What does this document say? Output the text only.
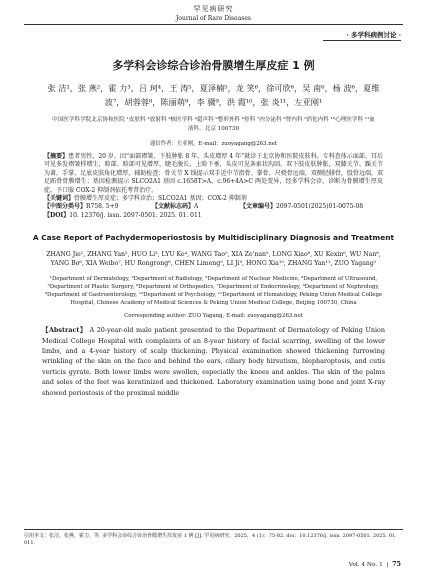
罕见病研究
Journal of Rare Diseases
· 多学科病例讨论 ·
多学科会诊综合诊治骨膜增生厚皮症 1 例
张 洁¹，张 燕²，霍 力³，吕 珂⁴，王 涛⁵，夏泽楠⁵，龙 笑⁶，徐可欣⁶，吴 南⁶，杨 波⁶，夏维波⁷，胡蓉蓉⁸，陈丽萌⁹，李 骥⁹，洪 霞¹⁰，张 炎¹¹，左亚刚¹
中国医学科学院北京协和医院 ¹皮肤科 ²放射科 ³核医学科 ⁴超声科 ⁵整形外科 ⁶骨科 ⁷内分泌科 ⁸肾内科 ⁹消化内科 ¹⁰心理医学科 ¹¹血液科，北京 100730
通信作者：左亚刚，E-mail：zuoyagang@263.net
【摘要】患者男性，20 岁，因“面部褶皱、下肢肿胀 8 年，头皮增厚 4 年”就诊于北京协和医院皮肤科。专科查体示面部、耳后可见多发褶皱样增生，睑部、睑部可见增厚，睫毛脱长，上睑下垂，头皮可见条索状沟回，双下肢皮肤肿胀，双膝关节、踝关节为著，手掌、足底皮肤角化增厚，辅助检查：骨关节 X 线提示双手近中节指骨、掌骨，尺桡骨远端，双侧胫腓骨，股骨远端，双足跖骨骨膜增生；基因检测提示 SLCO2A1 基因 c.1658T>A，c.96+4A>C 两处变异，经多学科会诊，诊断为骨膜增生厚皮症，予口服 COX-2 抑制剂依托考昔治疗。
【关键词】骨膜增生厚皮症；多学科诊治；SLCO2A1 基因；COX-2 抑制剂
【中图分类号】R758. 5+9	【文献标志码】A	【文章编号】2097-0501(2025)01-0075-08
【DOI】10. 12376/j. issn. 2097-0501. 2025. 01. 011
A Case Report of Pachydermoperiostosis by Multidisciplinary Diagnosis and Treatment
ZHANG Jie¹, ZHANG Yan², HUO Li³, LYU Ke⁴, WANG Tao⁵, XIA Ze'nan⁵, LONG Xiao⁶, XU Kexin⁶, WU Nan⁶, YANG Bo⁶, XIA Weibo⁷, HU Rongrong⁸, CHEN Limeng⁹, LI Ji⁹, HONG Xia¹⁰, ZHANG Yan¹¹, ZUO Yagang¹
¹Department of Dermatology, ²Department of Radiology, ³Department of Nuclear Medicine, ⁴Department of Ultrasound, ⁵Department of Plastic Surgery, ⁶Department of Orthopedics, ⁷Department of Endocrinology, ⁸Department of Nephrology, ⁹Department of Gastroenterology, ¹⁰Department of Psychology, ¹¹Department of Hematology, Peking Union Medical College Hospital, Chinese Academy of Medical Sciences & Peking Union Medical College, Beijing 100730, China
Corresponding author: ZUO Yagang, E-mail: zuoyagang@263.net
【Abstract】 A 20-year-old male patient presented to the Department of Dermatology of Peking Union Medical College Hospital with complaints of an 8-year history of facial scarring, swelling of the lower limbs, and a 4-year history of scalp thickening. Physical examination showed thickening furrowing wrinkling of the skin on the face and behind the ears, ciliary body hirsutism, blepharoptosis, and cutis verticis gyrate. Both lower limbs were swollen, especially the knees and ankles. The skin of the palms and soles of the feet was keratinized and thickened. Laboratory examination using bone and joint X-ray showed periostosis of the proximal middle
引用本文：张洁，张燕，霍力，等. 多学科会诊综合诊治骨膜增生厚皮症 1 例 [J]. 罕见病研究，2025，4 (1)：75-82. doi：10.12376/j. issn. 2097-0501. 2025. 01. 011.
Vol. 4 No. 1  |  75
